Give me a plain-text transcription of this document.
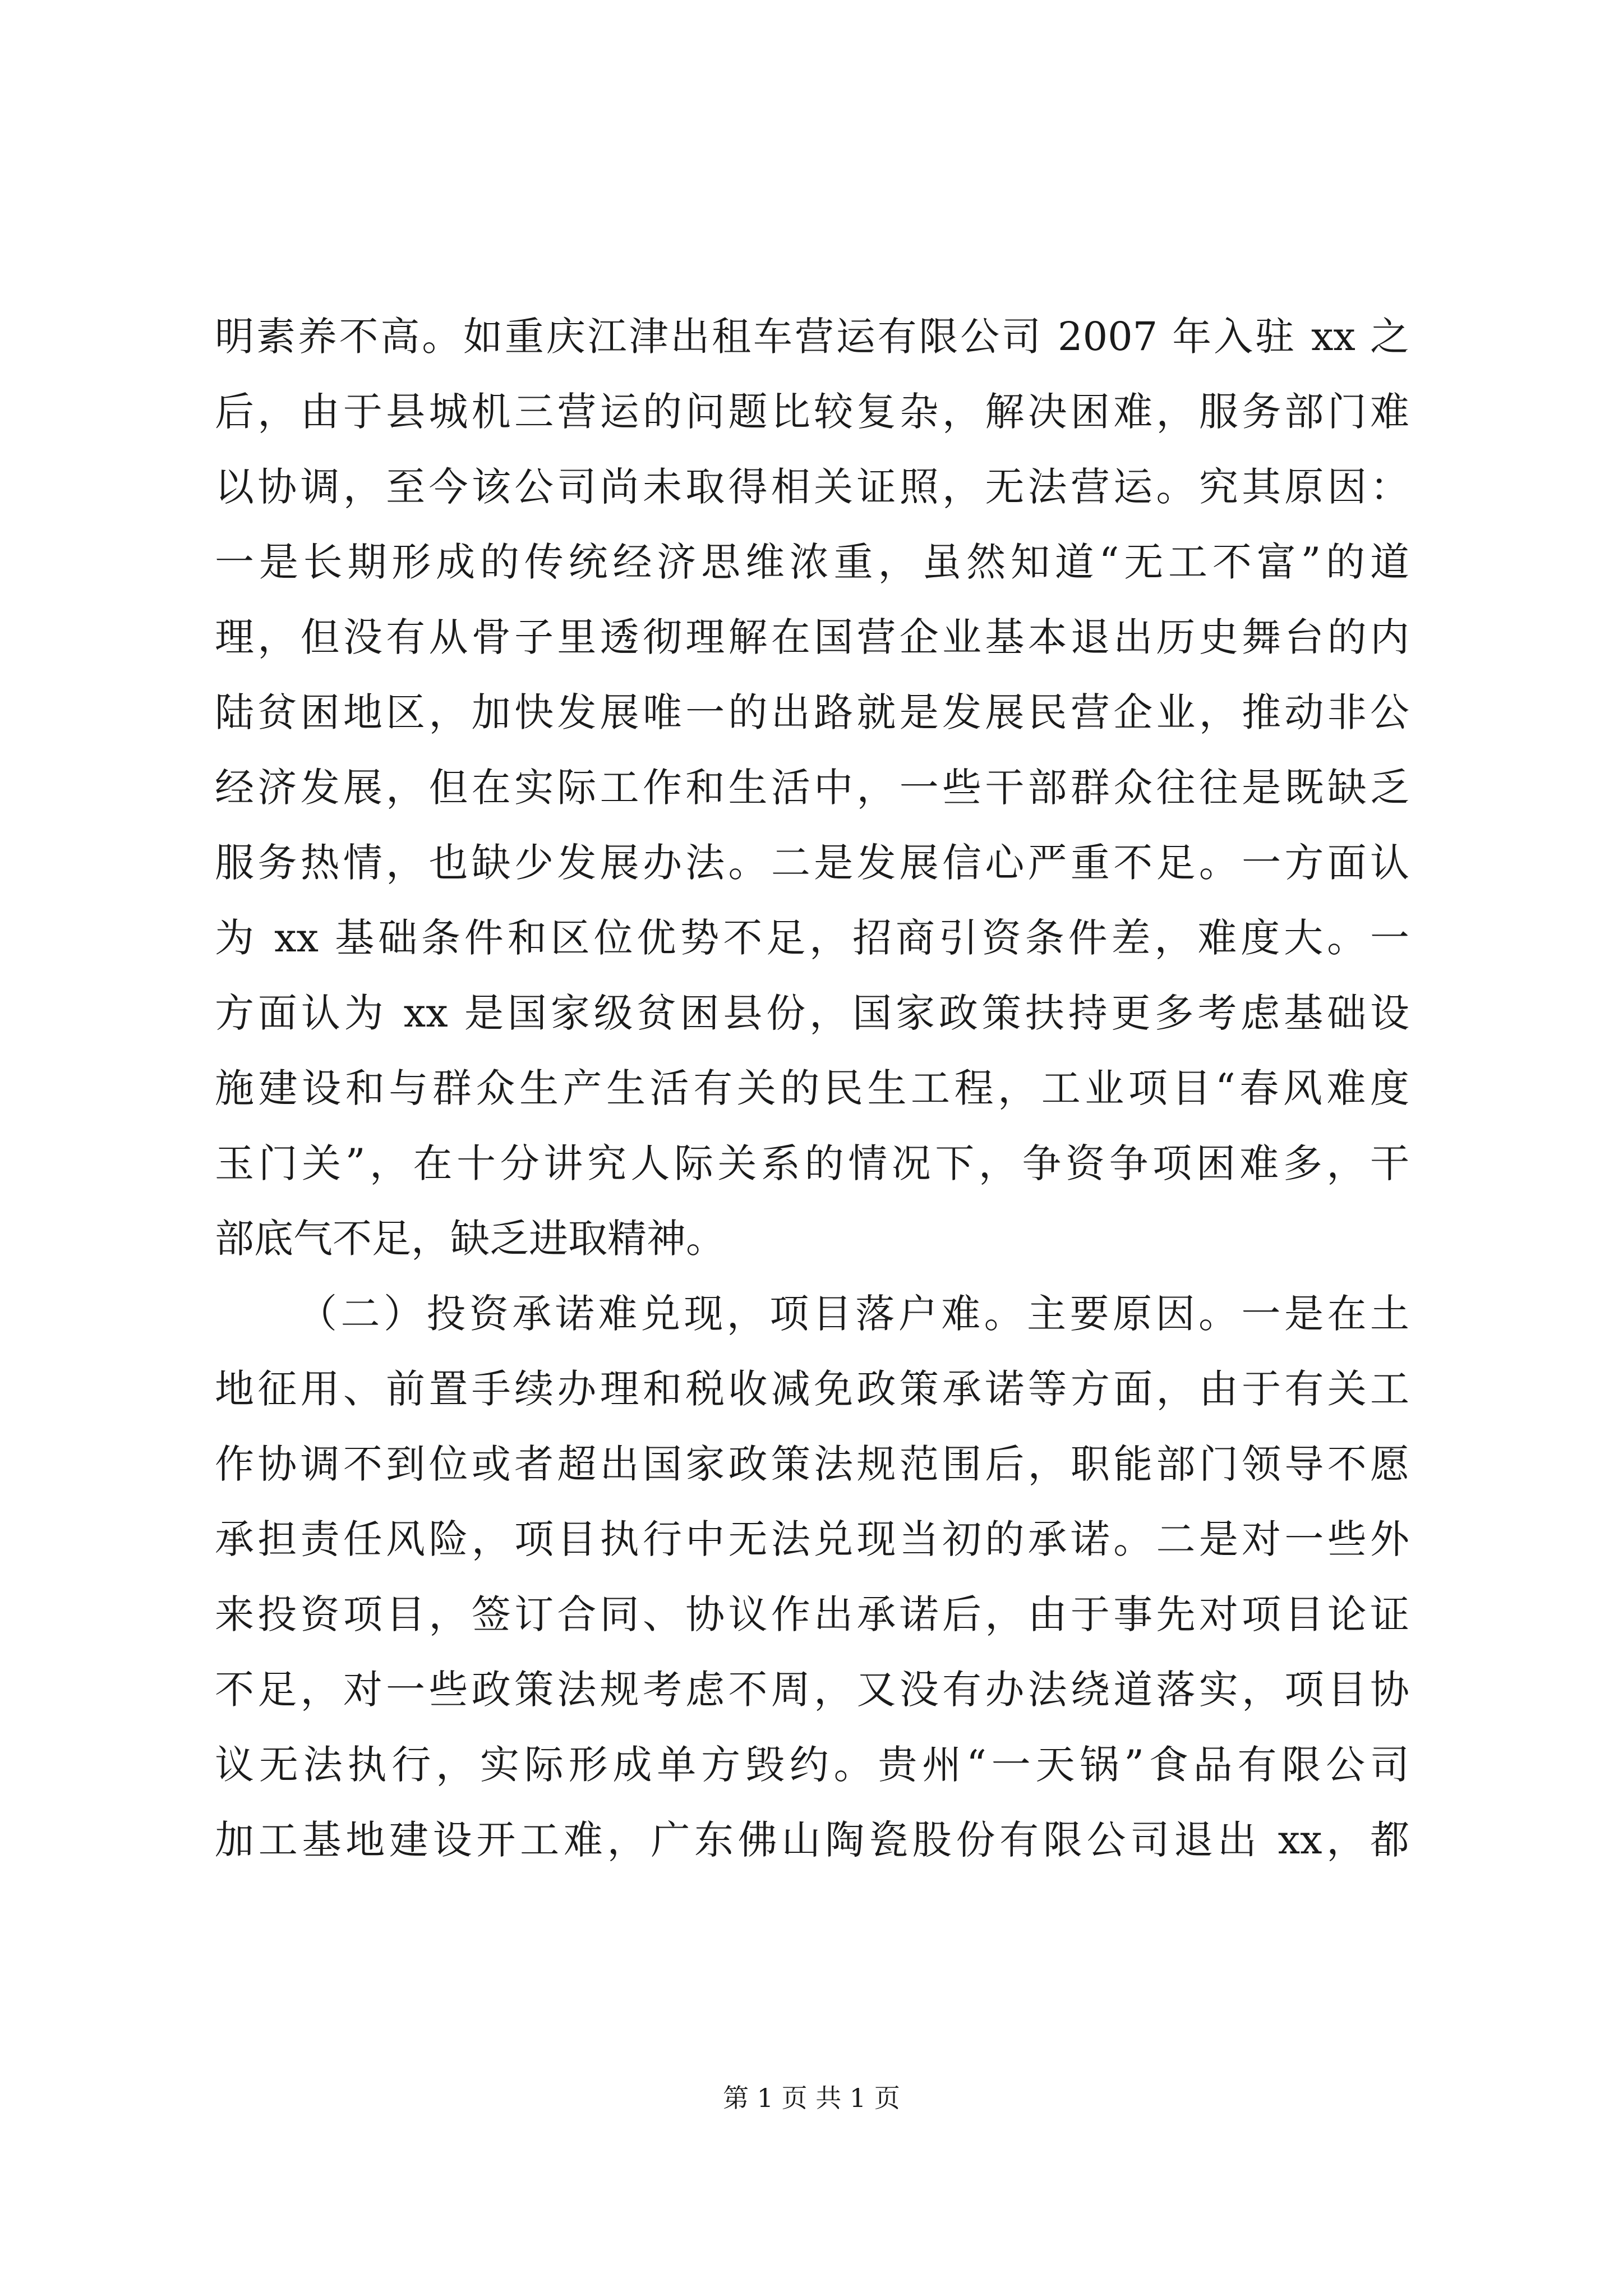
明素养不高。如重庆江津出租车营运有限公司 2007 年入驻 xx 之
后，由于县城机三营运的问题比较复杂，解决困难，服务部门难
以协调，至今该公司尚未取得相关证照，无法营运。究其原因：
一是长期形成的传统经济思维浓重，虽然知道“无工不富”的道
理，但没有从骨子里透彻理解在国营企业基本退出历史舞台的内
陆贫困地区，加快发展唯一的出路就是发展民营企业，推动非公
经济发展，但在实际工作和生活中，一些干部群众往往是既缺乏
服务热情，也缺少发展办法。二是发展信心严重不足。一方面认
为 xx 基础条件和区位优势不足，招商引资条件差，难度大。一
方面认为 xx 是国家级贫困县份，国家政策扶持更多考虑基础设
施建设和与群众生产生活有关的民生工程，工业项目“春风难度
玉门关”，在十分讲究人际关系的情况下，争资争项困难多，干
部底气不足，缺乏进取精神。
（二）投资承诺难兑现，项目落户难。主要原因。一是在土
地征用、前置手续办理和税收减免政策承诺等方面，由于有关工
作协调不到位或者超出国家政策法规范围后，职能部门领导不愿
承担责任风险，项目执行中无法兑现当初的承诺。二是对一些外
来投资项目，签订合同、协议作出承诺后，由于事先对项目论证
不足，对一些政策法规考虑不周，又没有办法绕道落实，项目协
议无法执行，实际形成单方毁约。贵州“一天锅”食品有限公司
加工基地建设开工难，广东佛山陶瓷股份有限公司退出 xx，都
第 1 页 共 1 页
